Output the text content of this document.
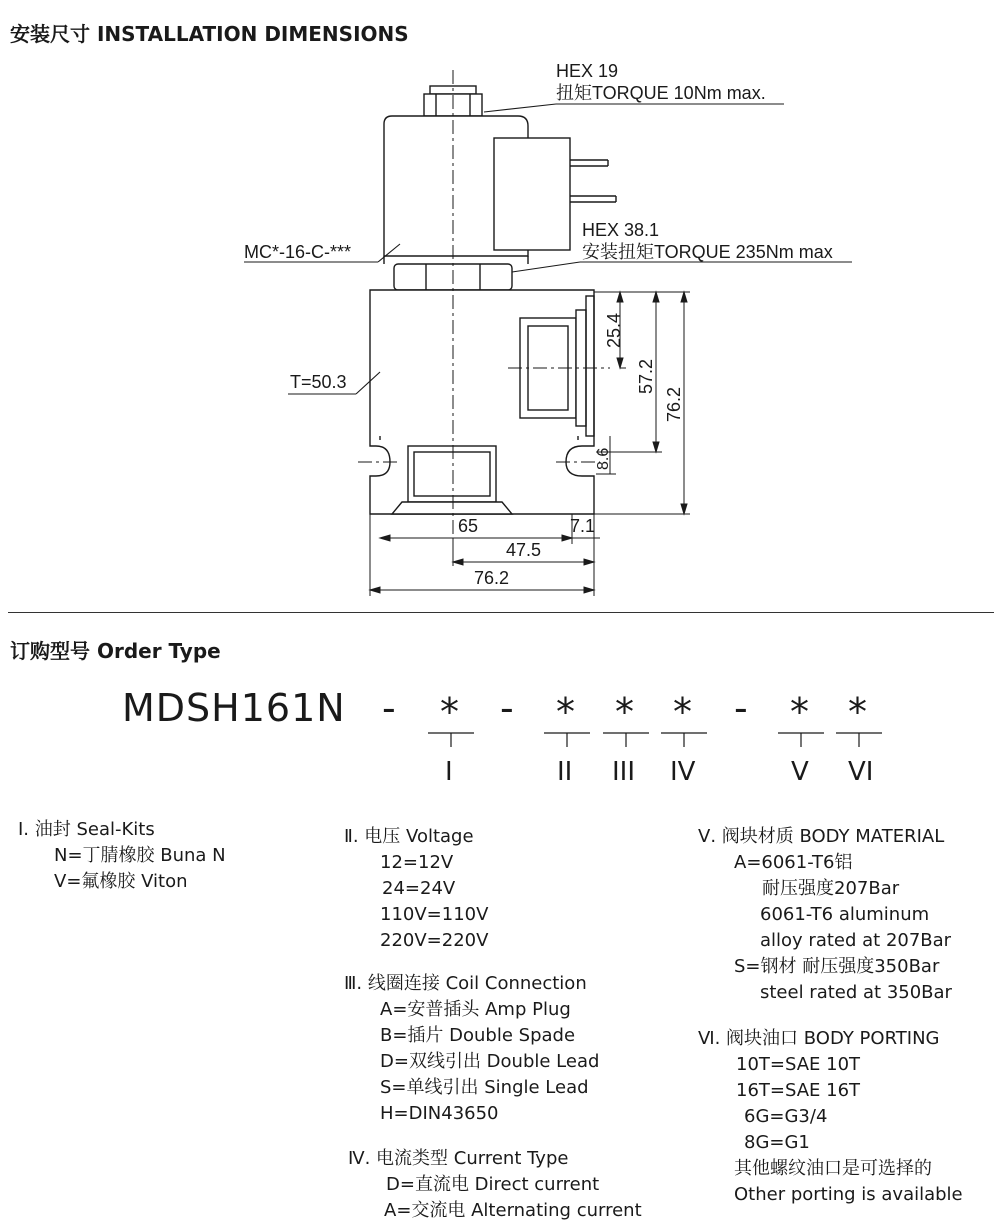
安装尺寸 INSTALLATION DIMENSIONS
HEX 19
扭矩TORQUE 10Nm max.
HEX 38.1
安装扭矩TORQUE 235Nm max
MC*-16-C-***
T=50.3
25.4
57.2
76.2
8.6
65	7.1
47.5
76.2
订购型号 Order Type
MDSH161N - * - * * * - * *
I	II III IV	V VI
Ⅰ. 油封 Seal-Kits
N=丁腈橡胶 Buna N
V=氟橡胶 Viton
Ⅱ. 电压 Voltage
12=12V
24=24V
110V=110V
220V=220V
Ⅲ. 线圈连接 Coil Connection
A=安普插头 Amp Plug
B=插片 Double Spade
D=双线引出 Double Lead
S=单线引出 Single Lead
H=DIN43650
Ⅳ. 电流类型 Current Type
D=直流电 Direct current
A=交流电 Alternating current
Ⅴ. 阀块材质 BODY MATERIAL
A=6061-T6铝
耐压强度207Bar
6061-T6 aluminum
alloy rated at 207Bar
S=钢材 耐压强度350Bar
steel rated at 350Bar
Ⅵ. 阀块油口 BODY PORTING
10T=SAE 10T
16T=SAE 16T
6G=G3/4
8G=G1
其他螺纹油口是可选择的
Other porting is available
